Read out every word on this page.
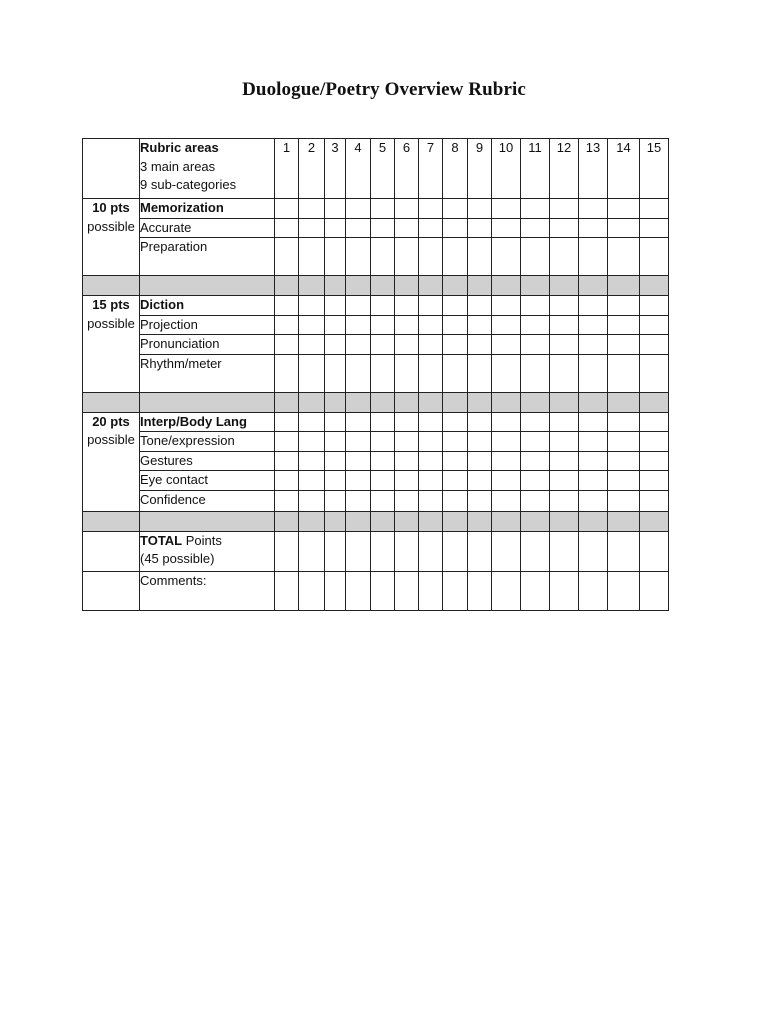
Duologue/Poetry Overview Rubric
	Rubric areas
3 main areas
9 sub-categories	1	2	3	4	5	6	7	8	9	10	11	12	13	14	15
10 pts
possible	Memorization															
	Accurate															
	Preparation															

15 pts
possible	Diction															
	Projection															
	Pronunciation															
	Rhythm/meter															

20 pts
possible	Interp/Body Lang															
	Tone/expression															
	Gestures															
	Eye contact															
	Confidence															

	TOTAL Points
(45 possible)															
	Comments:															
